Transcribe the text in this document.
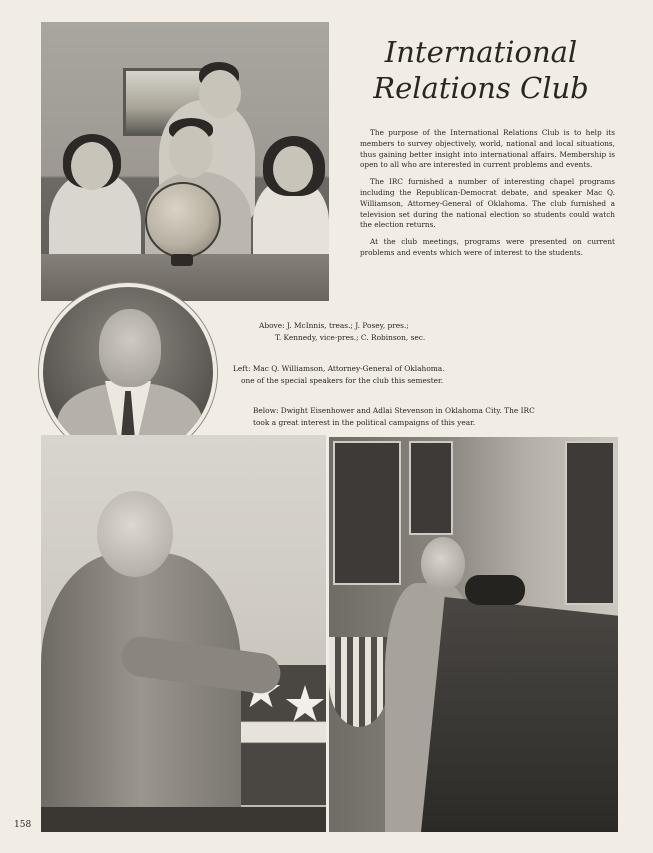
International
Relations Club

The purpose of the International Relations Club is to help its members to survey objectively, world, national and local situations, thus gaining better insight into international affairs. Membership is open to all who are interested in current problems and events.

The IRC furnished a number of interesting chapel programs including the Republican-Democrat debate, and speaker Mac Q. Williamson, Attorney-General of Oklahoma. The club furnished a television set during the national election so students could watch the election returns.

At the club meetings, programs were presented on current problems and events which were of interest to the students.

Above: J. McInnis, treas.; J. Posey, pres.;

T. Kennedy, vice-pres.; C. Robinson, sec.
Left: Mac Q. Williamson, Attorney-General of Oklahoma.
one of the special speakers for the club this semester.
Below: Dwight Eisenhower and Adlai Stevenson in Oklahoma City. The IRC
took a great interest in the political campaigns of this year.
158
